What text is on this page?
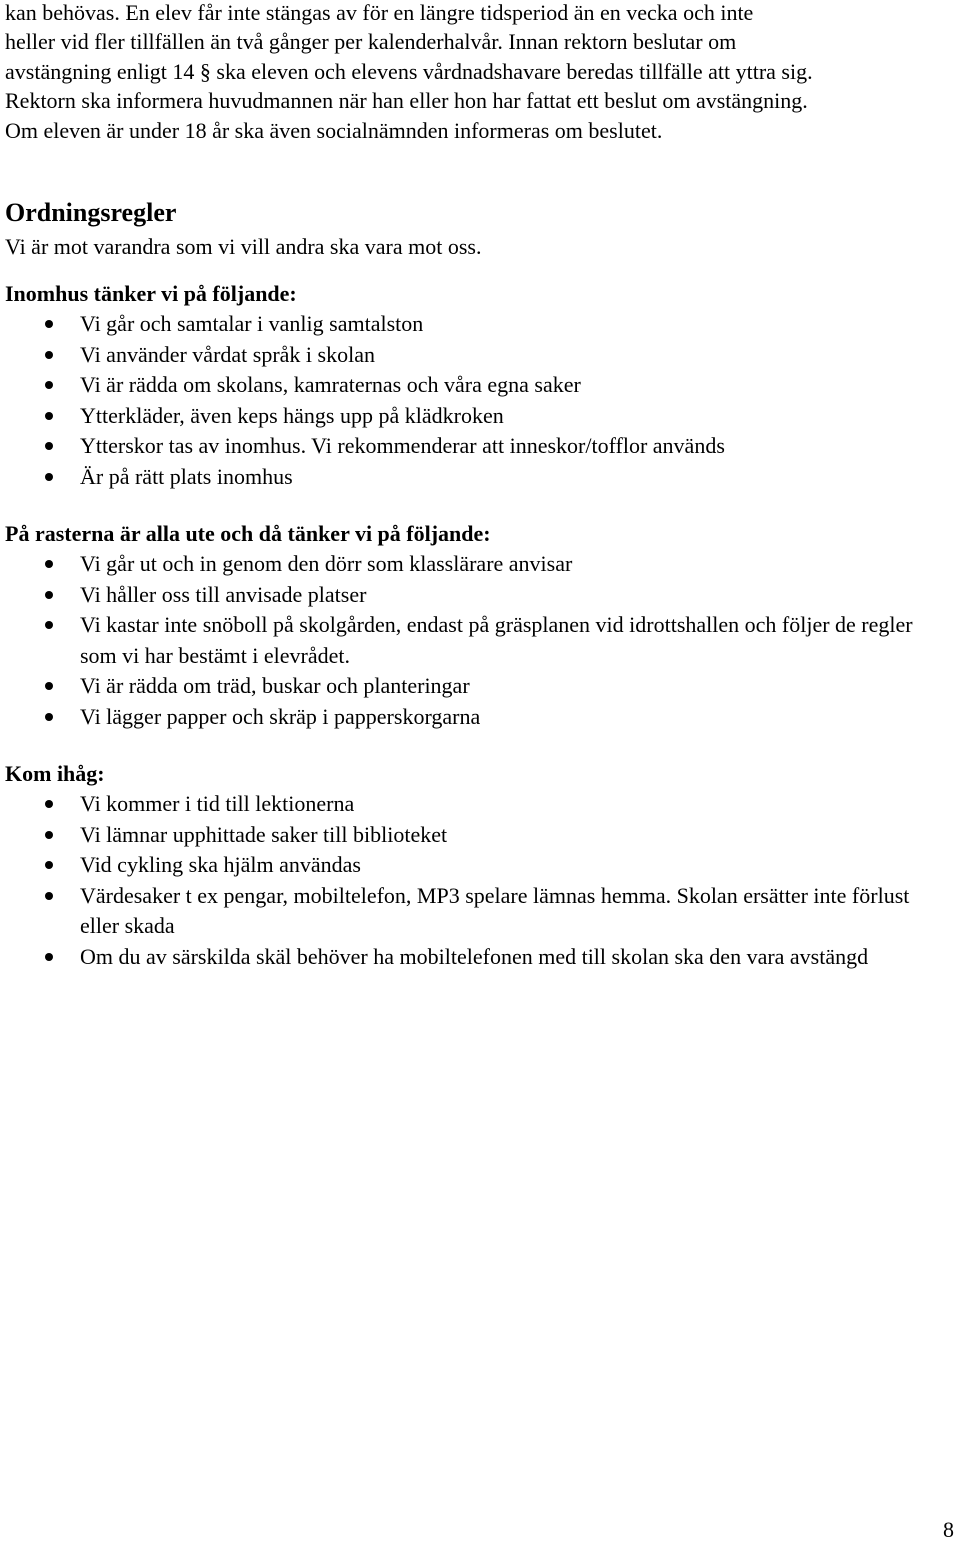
kan behövas. En elev får inte stängas av för en längre tidsperiod än en vecka och inte

heller vid fler tillfällen än två gånger per kalenderhalvår. Innan rektorn beslutar om

avstängning enligt 14 § ska eleven och elevens vårdnadshavare beredas tillfälle att yttra sig.

Rektorn ska informera huvudmannen när han eller hon har fattat ett beslut om avstängning.

Om eleven är under 18 år ska även socialnämnden informeras om beslutet.

Ordningsregler

Vi är mot varandra som vi vill andra ska vara mot oss.

Inomhus tänker vi på följande:

Vi går och samtalar i vanlig samtalston
Vi använder vårdat språk i skolan
Vi är rädda om skolans, kamraternas och våra egna saker
Ytterkläder, även keps hängs upp på klädkroken
Ytterskor tas av inomhus. Vi rekommenderar att inneskor/tofflor används
Är på rätt plats inomhus

På rasterna är alla ute och då tänker vi på följande:

Vi går ut och in genom den dörr som klasslärare anvisar
Vi håller oss till anvisade platser
Vi kastar inte snöboll på skolgården, endast på gräsplanen vid idrottshallen och följer de regler som vi har bestämt i elevrådet.
Vi är rädda om träd, buskar och planteringar
Vi lägger papper och skräp i papperskorgarna

Kom ihåg:

Vi kommer i tid till lektionerna
Vi lämnar upphittade saker till biblioteket
Vid cykling ska hjälm användas
Värdesaker t ex pengar, mobiltelefon, MP3 spelare lämnas hemma. Skolan ersätter inte förlust eller skada
Om du av särskilda skäl behöver ha mobiltelefonen med till skolan ska den vara avstängd
8
